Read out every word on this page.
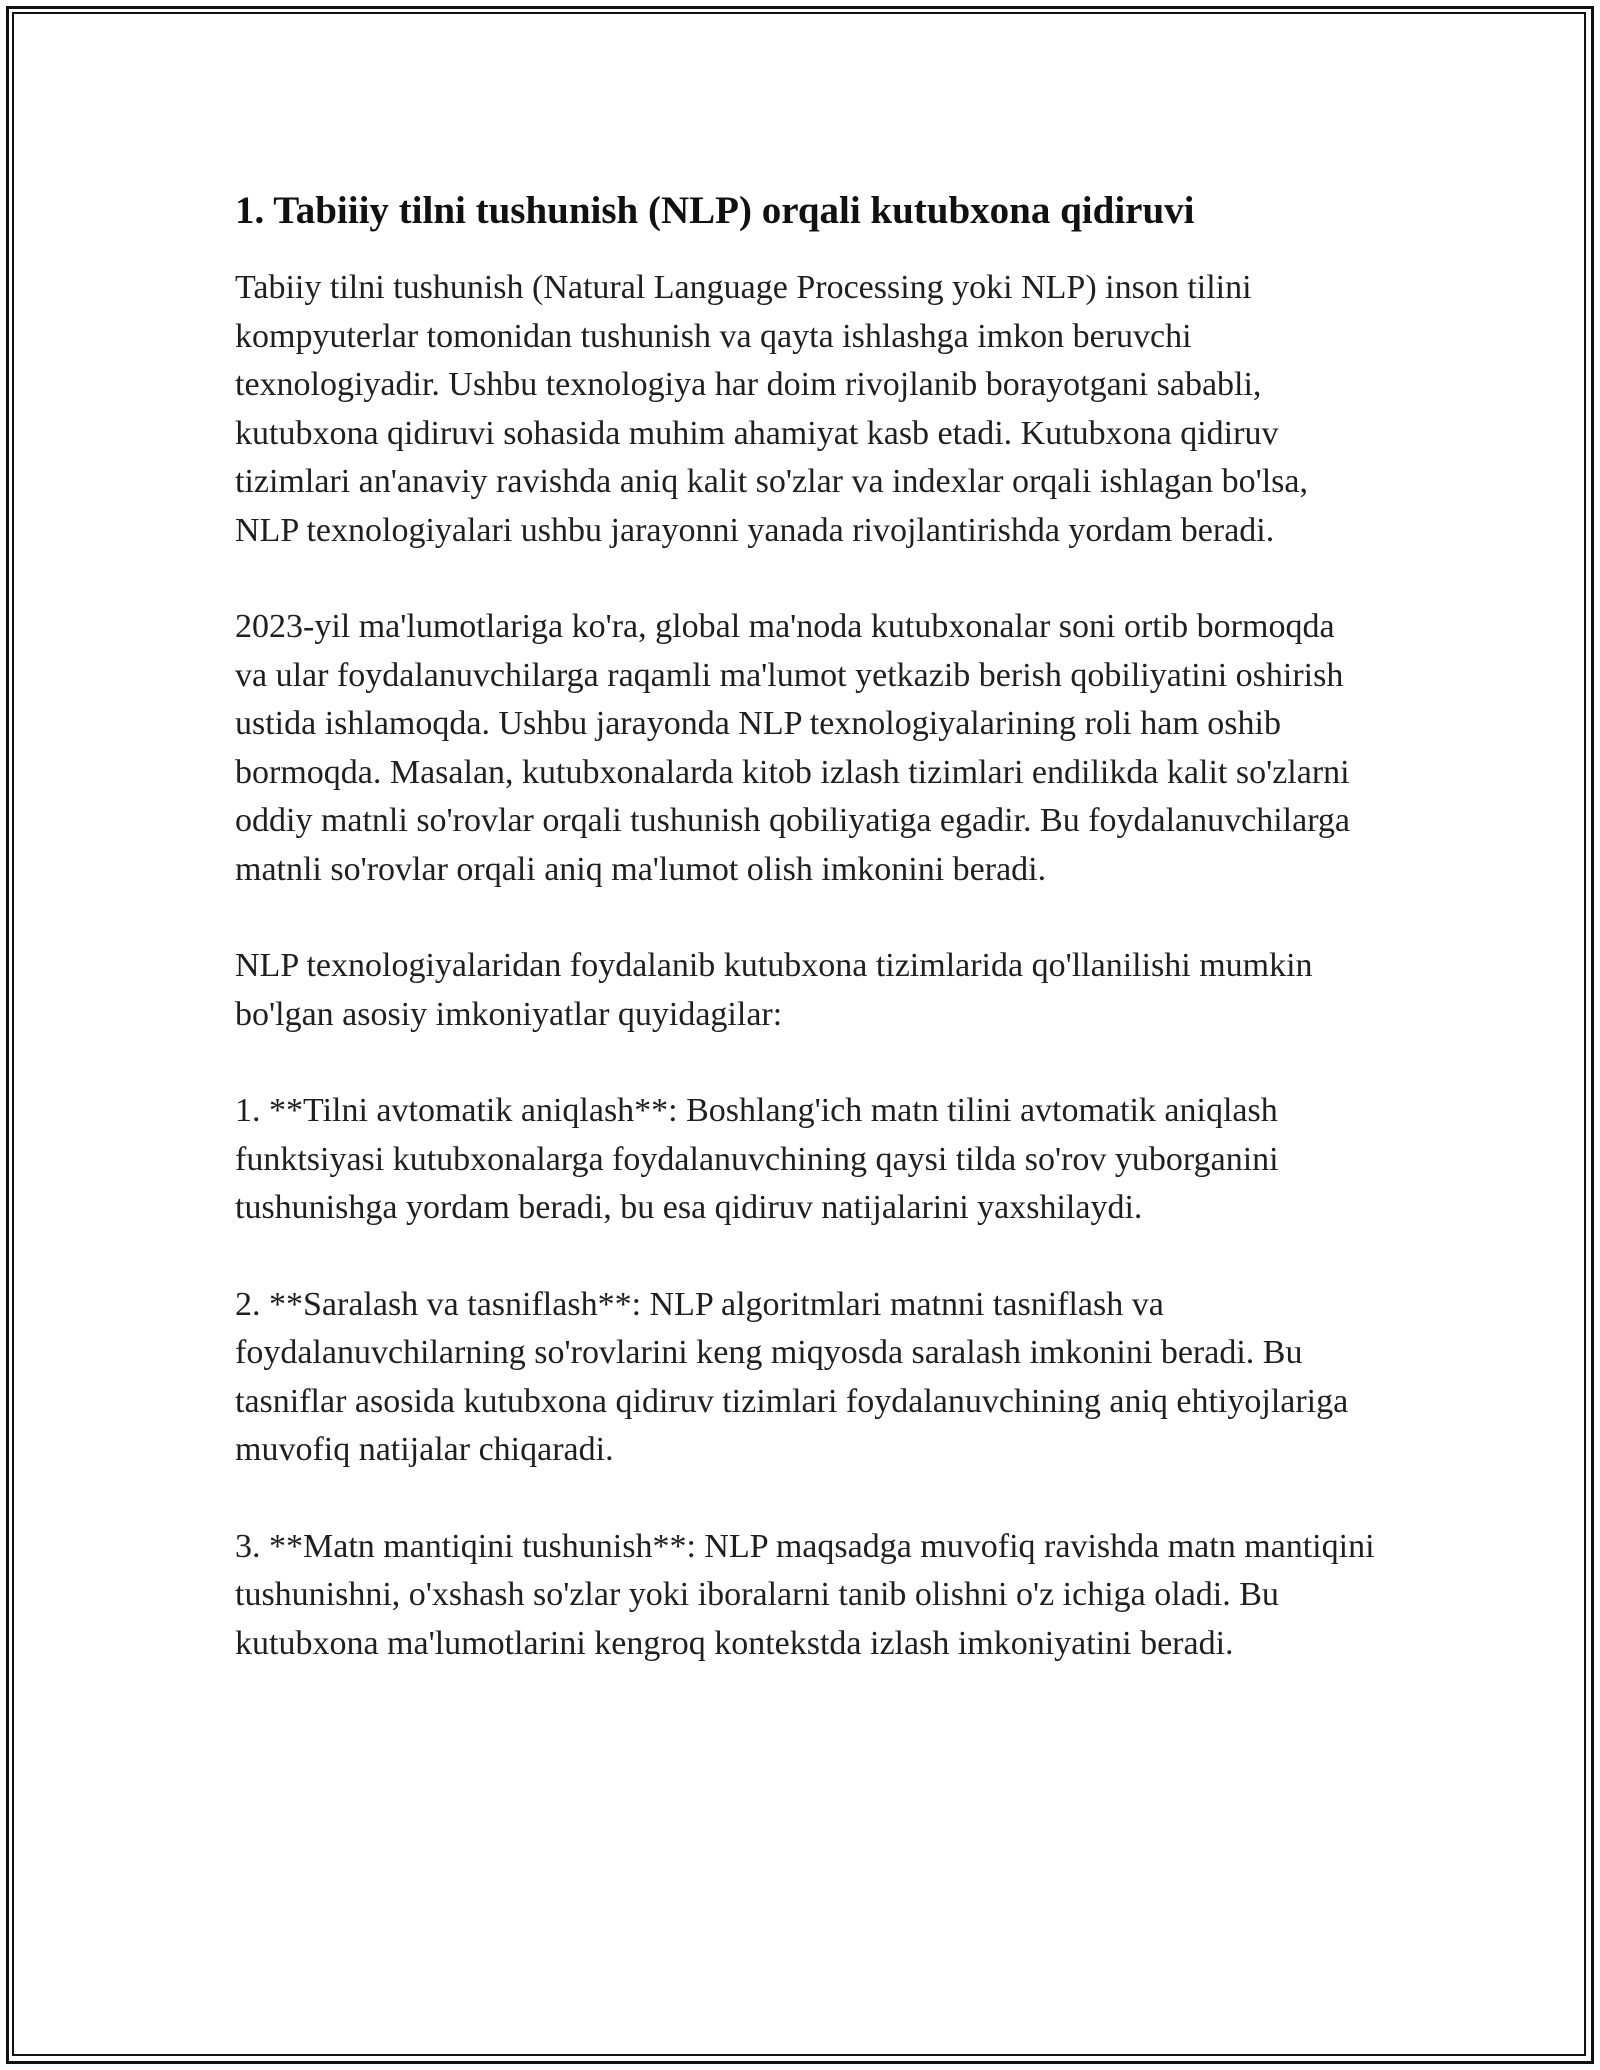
1. Tabiiiy tilni tushunish (NLP) orqali kutubxona qidiruvi

Tabiiy tilni tushunish (Natural Language Processing yoki NLP) inson tilini kompyuterlar tomonidan tushunish va qayta ishlashga imkon beruvchi texnologiyadir. Ushbu texnologiya har doim rivojlanib borayotgani sababli, kutubxona qidiruvi sohasida muhim ahamiyat kasb etadi. Kutubxona qidiruv tizimlari an'anaviy ravishda aniq kalit so'zlar va indexlar orqali ishlagan bo'lsa, NLP texnologiyalari ushbu jarayonni yanada rivojlantirishda yordam beradi.

2023-yil ma'lumotlariga ko'ra, global ma'noda kutubxonalar soni ortib bormoqda va ular foydalanuvchilarga raqamli ma'lumot yetkazib berish qobiliyatini oshirish ustida ishlamoqda. Ushbu jarayonda NLP texnologiyalarining roli ham oshib bormoqda. Masalan, kutubxonalarda kitob izlash tizimlari endilikda kalit so'zlarni oddiy matnli so'rovlar orqali tushunish qobiliyatiga egadir. Bu foydalanuvchilarga matnli so'rovlar orqali aniq ma'lumot olish imkonini beradi.

NLP texnologiyalaridan foydalanib kutubxona tizimlarida qo'llanilishi mumkin bo'lgan asosiy imkoniyatlar quyidagilar:

1. **Tilni avtomatik aniqlash**: Boshlang'ich matn tilini avtomatik aniqlash funktsiyasi kutubxonalarga foydalanuvchining qaysi tilda so'rov yuborganini tushunishga yordam beradi, bu esa qidiruv natijalarini yaxshilaydi.

2. **Saralash va tasniflash**: NLP algoritmlari matnni tasniflash va foydalanuvchilarning so'rovlarini keng miqyosda saralash imkonini beradi. Bu tasniflar asosida kutubxona qidiruv tizimlari foydalanuvchining aniq ehtiyojlariga muvofiq natijalar chiqaradi.

3. **Matn mantiqini tushunish**: NLP maqsadga muvofiq ravishda matn mantiqini tushunishni, o'xshash so'zlar yoki iboralarni tanib olishni o'z ichiga oladi. Bu kutubxona ma'lumotlarini kengroq kontekstda izlash imkoniyatini beradi.
